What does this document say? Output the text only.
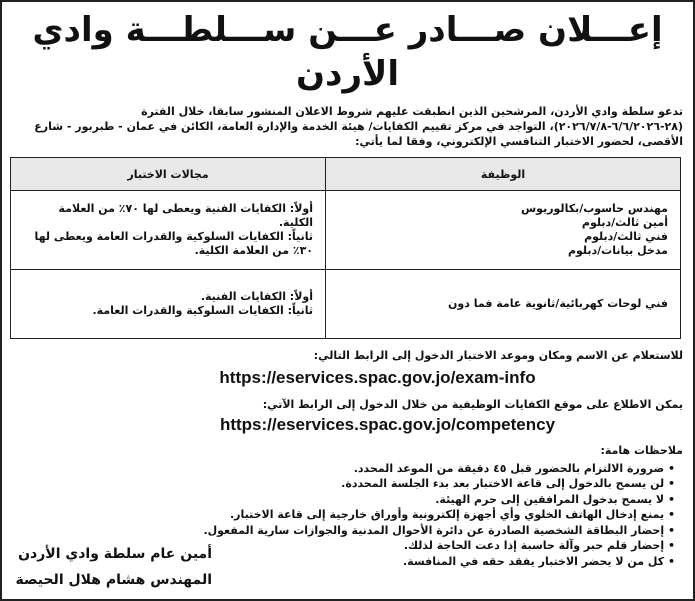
إعـــلان صـــادر عـــن ســـلطـــة وادي الأردن
تدعو سلطة وادي الأردن، المرشحين الذين انطبقت عليهم شروط الاعلان المنشور سابقا، خلال الفترة (٢٨-٦/٦/٢٠٢٦-٢٠٢٦/٧/٨)، التواجد في مركز تقييم الكفايات/ هيئة الخدمة والإدارة العامة، الكائن في عمان - طبربور - شارع الأقصى، لحضور الاختبار التنافسي الإلكتروني، وفقا لما يأتي:
الوظيفة	مجالات الاختبار

مهندس حاسوب/بكالوريوس
أمين ثالث/دبلوم
فني ثالث/دبلوم
مدخل بيانات/دبلوم	أولاً: الكفايات الفنية ويعطى لها ٧٠٪ من العلامة الكلية.
ثانياً: الكفايات السلوكية والقدرات العامة ويعطى لها ٣٠٪ من العلامة الكلية.

فني لوحات كهربائية/ثانوية عامة فما دون	أولاً: الكفايات الفنية.
ثانياً: الكفايات السلوكية والقدرات العامة.
للاستعلام عن الاسم ومكان وموعد الاختبار الدخول إلى الرابط التالي:
https://eservices.spac.gov.jo/exam-info
يمكن الاطلاع على موقع الكفايات الوظيفية من خلال الدخول إلى الرابط الآتي:
https://eservices.spac.gov.jo/competency
ملاحظات هامة:
• ضرورة الالتزام بالحضور قبل ٤٥ دقيقة من الموعد المحدد.
• لن يسمح بالدخول إلى قاعة الاختبار بعد بدء الجلسة المحددة.
• لا يسمح بدخول المرافقين إلى حرم الهيئة.
• يمنع إدخال الهاتف الخلوي وأي أجهزة إلكترونية وأوراق خارجية إلى قاعة الاختبار.
• إحضار البطاقة الشخصية الصادرة عن دائرة الأحوال المدنية والجوازات سارية المفعول.
• إحضار قلم حبر وآلة حاسبة إذا دعت الحاجة لذلك.
• كل من لا يحضر الاختبار يفقد حقه في المنافسة.
أمين عام سلطة وادي الأردن
المهندس هشام هلال الحيصة
